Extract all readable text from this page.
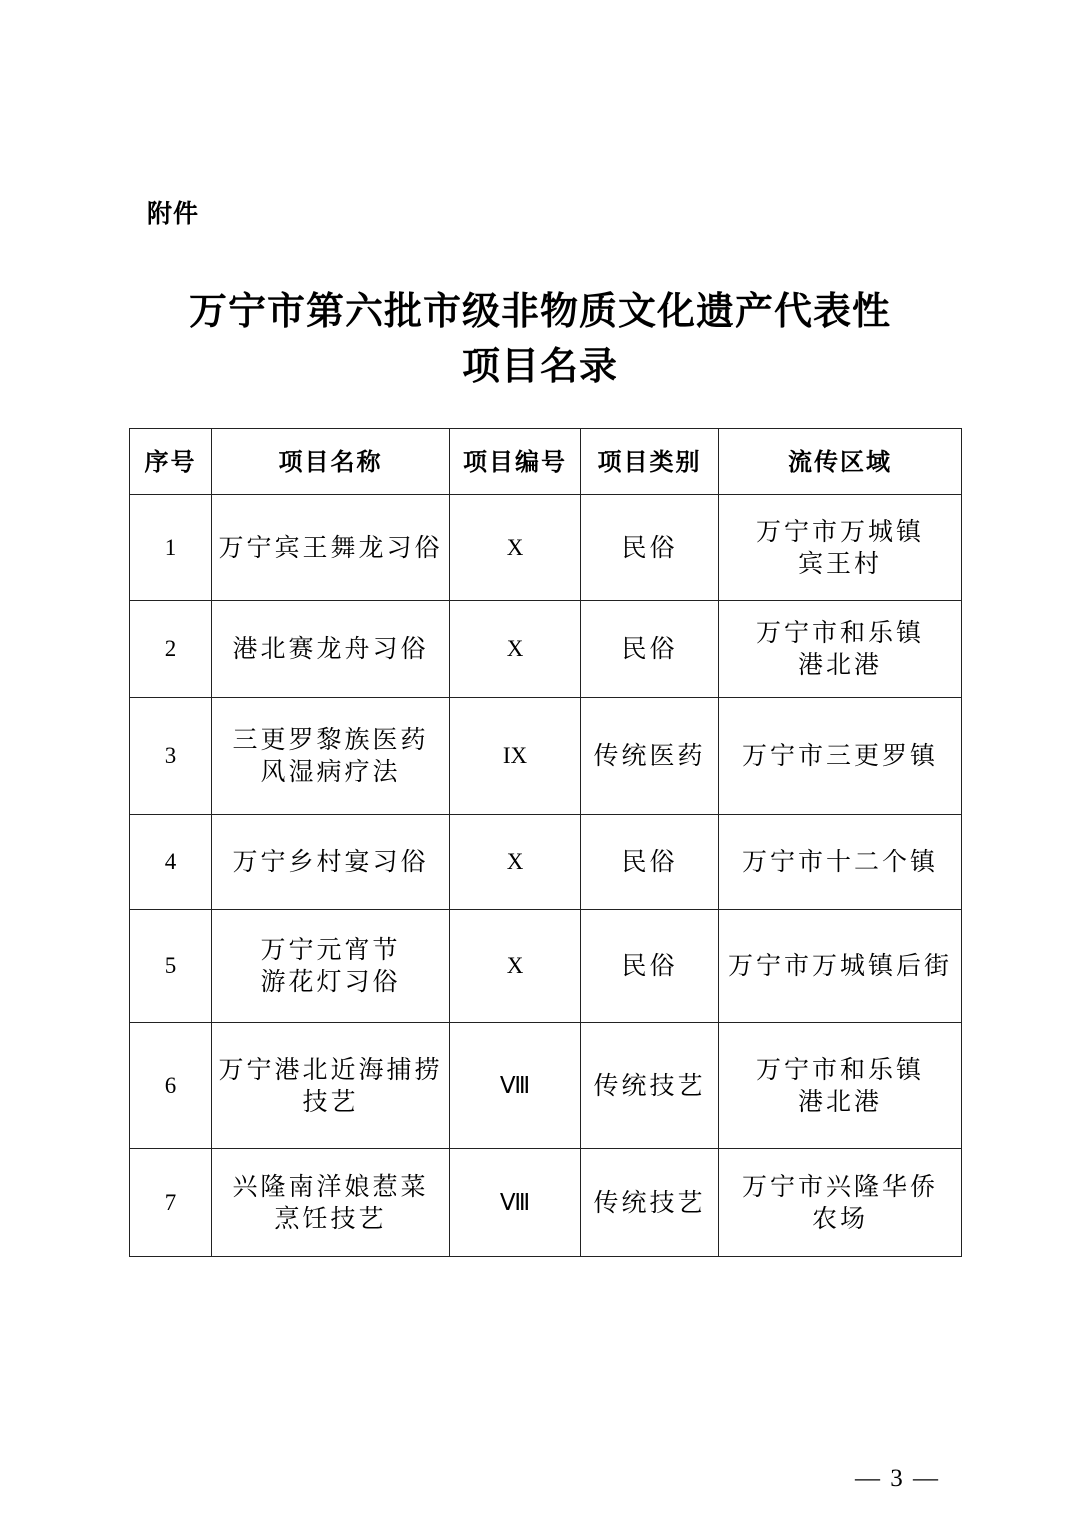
附件
万宁市第六批市级非物质文化遗产代表性
项目名录
序号	项目名称	项目编号	项目类别	流传区域
1	万宁宾王舞龙习俗	X	民俗	万宁市万城镇
宾王村

2	港北赛龙舟习俗	X	民俗	万宁市和乐镇
港北港

3	三更罗黎族医药
风湿病疗法	IX	传统医药	万宁市三更罗镇

4	万宁乡村宴习俗	X	民俗	万宁市十二个镇

5	万宁元宵节
游花灯习俗	X	民俗	万宁市万城镇后街

6	万宁港北近海捕捞
技艺	Ⅷ	传统技艺	万宁市和乐镇
港北港

7	兴隆南洋娘惹菜
烹饪技艺	Ⅷ	传统技艺	万宁市兴隆华侨
农场
— 3 —
